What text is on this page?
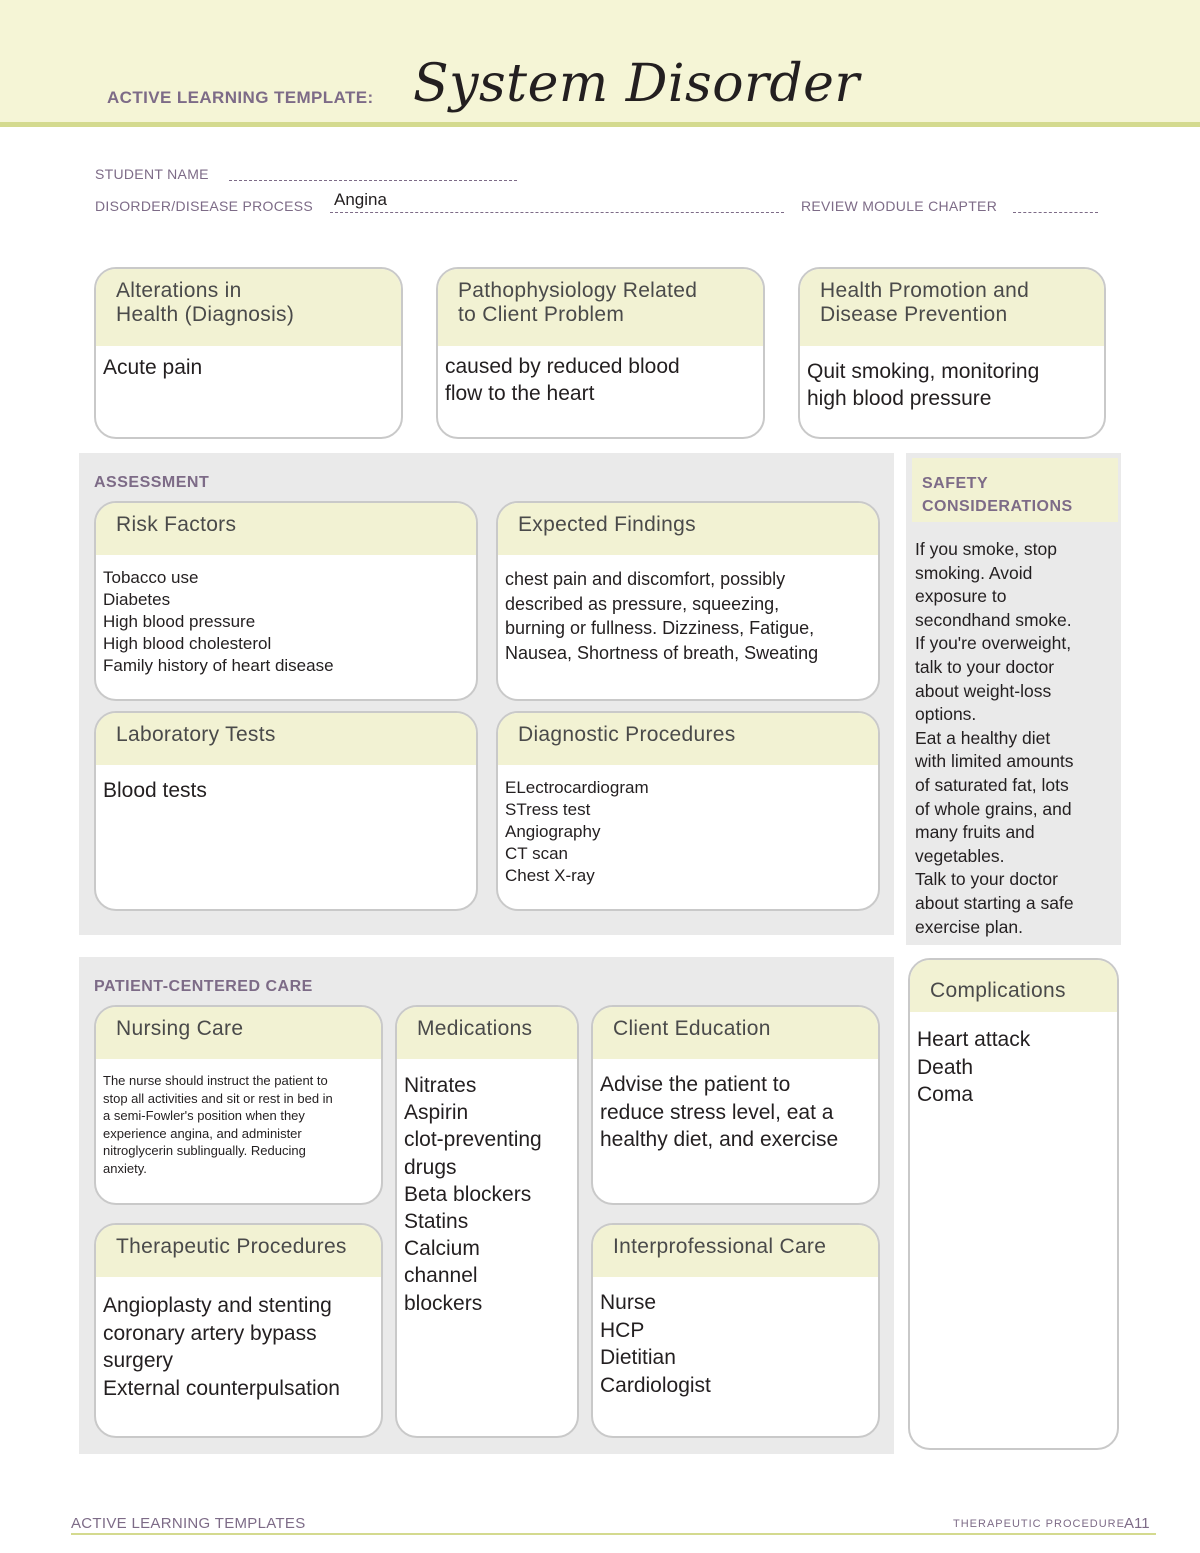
ACTIVE LEARNING TEMPLATE: System Disorder
STUDENT NAME
DISORDER/DISEASE PROCESS Angina	REVIEW MODULE CHAPTER
Alterations in
Health (Diagnosis)
Acute pain
Pathophysiology Related
to Client Problem
caused by reduced blood
flow to the heart
Health Promotion and
Disease Prevention
Quit smoking, monitoring
high blood pressure
ASSESSMENT
Risk Factors
Tobacco use
Diabetes
High blood pressure
High blood cholesterol
Family history of heart disease
Expected Findings
chest pain and discomfort, possibly
described as pressure, squeezing,
burning or fullness. Dizziness, Fatigue,
Nausea, Shortness of breath, Sweating
Laboratory Tests
Blood tests
Diagnostic Procedures
ELectrocardiogram
STress test
Angiography
CT scan
Chest X-ray
SAFETY
CONSIDERATIONS
If you smoke, stop
smoking. Avoid
exposure to
secondhand smoke.
If you're overweight,
talk to your doctor
about weight-loss
options.
Eat a healthy diet
with limited amounts
of saturated fat, lots
of whole grains, and
many fruits and
vegetables.
Talk to your doctor
about starting a safe
exercise plan.
PATIENT-CENTERED CARE
Nursing Care
The nurse should instruct the patient to
stop all activities and sit or rest in bed in
a semi-Fowler's position when they
experience angina, and administer
nitroglycerin sublingually. Reducing
anxiety.
Medications
Nitrates
Aspirin
clot-preventing
drugs
Beta blockers
Statins
Calcium
channel
blockers
Client Education
Advise the patient to
reduce stress level, eat a
healthy diet, and exercise
Therapeutic Procedures
Angioplasty and stenting
coronary artery bypass
surgery
External counterpulsation
Interprofessional Care
Nurse
HCP
Dietitian
Cardiologist
Complications
Heart attack
Death
Coma
ACTIVE LEARNING TEMPLATES	THERAPEUTIC PROCEDURE A11
